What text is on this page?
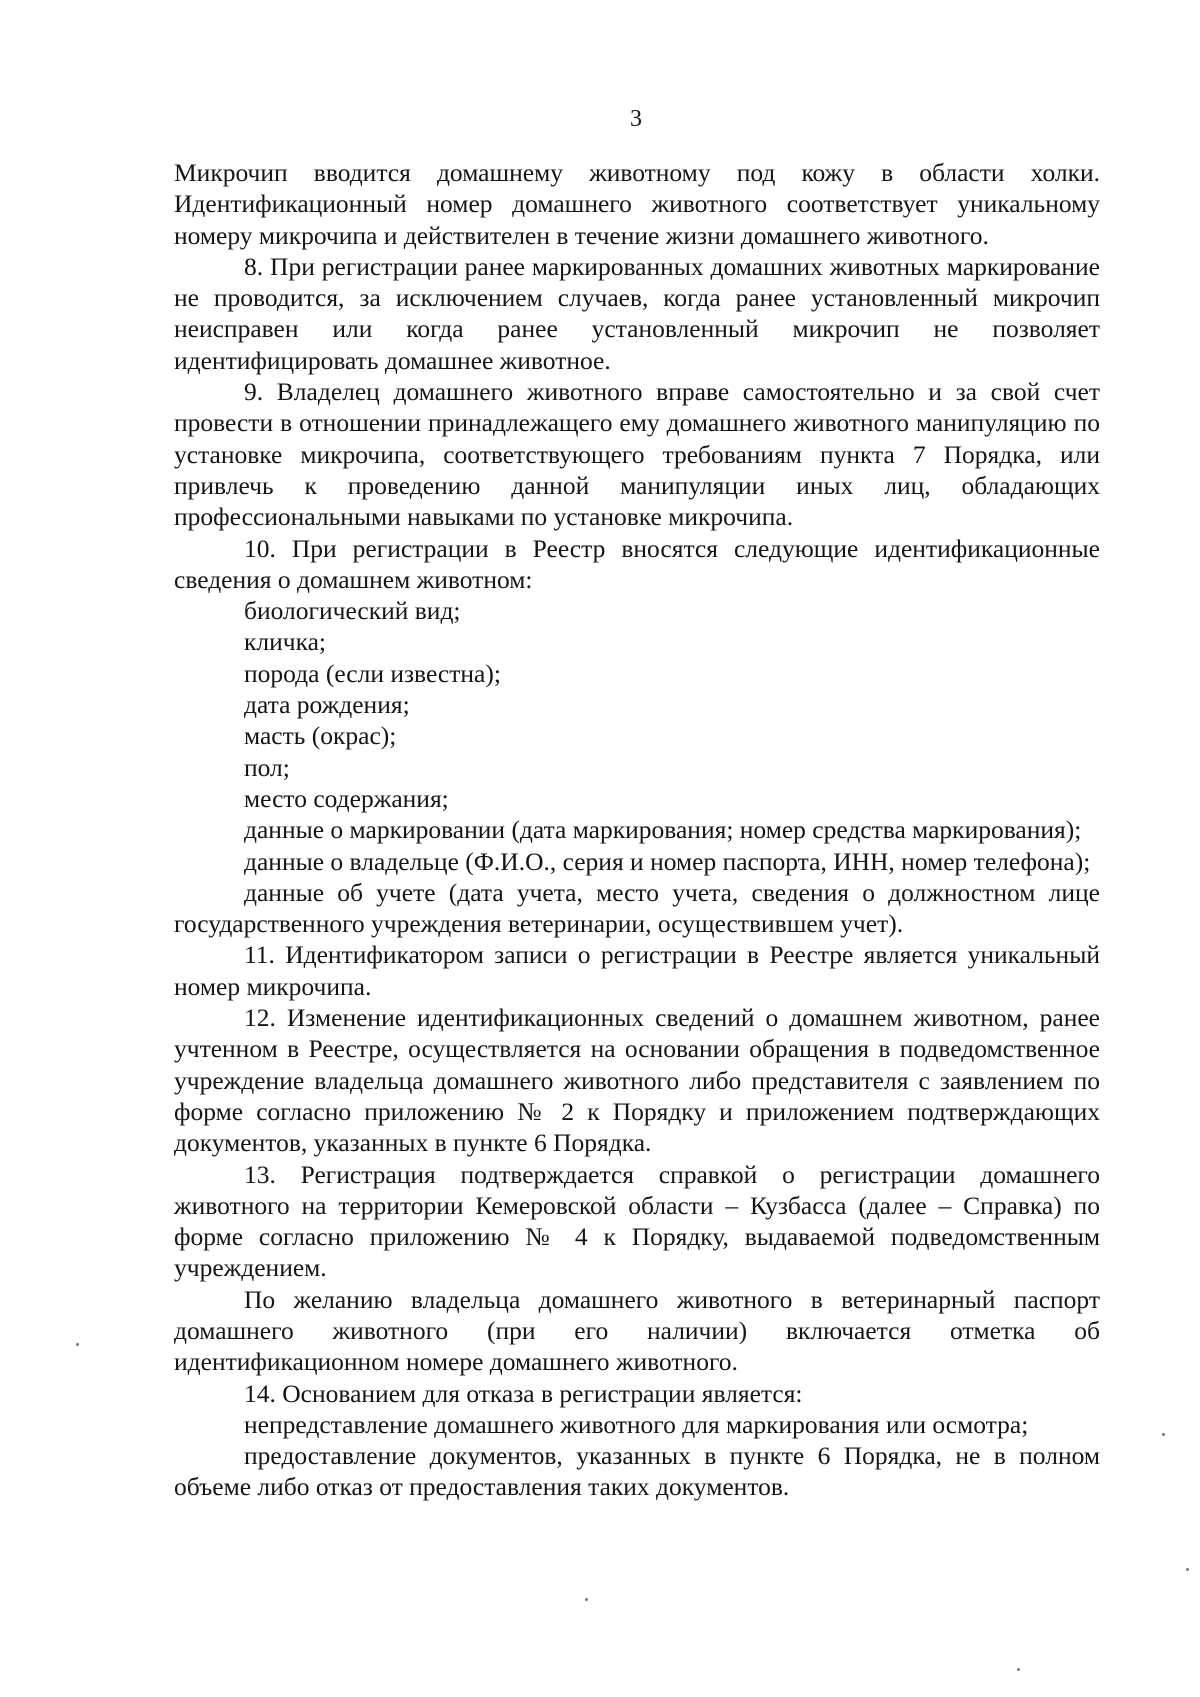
3

Микрочип вводится домашнему животному под кожу в области холки. Идентификационный номер домашнего животного соответствует уникальному номеру микрочипа и действителен в течение жизни домашнего животного.

8. При регистрации ранее маркированных домашних животных маркирование не проводится, за исключением случаев, когда ранее установленный микрочип неисправен или когда ранее установленный микрочип не позволяет идентифицировать домашнее животное.

9. Владелец домашнего животного вправе самостоятельно и за свой счет провести в отношении принадлежащего ему домашнего животного манипуляцию по установке микрочипа, соответствующего требованиям пункта 7 Порядка, или привлечь к проведению данной манипуляции иных лиц, обладающих профессиональными навыками по установке микрочипа.

10. При регистрации в Реестр вносятся следующие идентификационные сведения о домашнем животном:

биологический вид;

кличка;

порода (если известна);

дата рождения;

масть (окрас);

пол;

место содержания;

данные о маркировании (дата маркирования; номер средства маркирования);

данные о владельце (Ф.И.О., серия и номер паспорта, ИНН, номер телефона);

данные об учете (дата учета, место учета, сведения о должностном лице государственного учреждения ветеринарии, осуществившем учет).

11. Идентификатором записи о регистрации в Реестре является уникальный номер микрочипа.

12. Изменение идентификационных сведений о домашнем животном, ранее учтенном в Реестре, осуществляется на основании обращения в подведомственное учреждение владельца домашнего животного либо представителя с заявлением по форме согласно приложению № 2 к Порядку и приложением подтверждающих документов, указанных в пункте 6 Порядка.

13. Регистрация подтверждается справкой о регистрации домашнего животного на территории Кемеровской области – Кузбасса (далее – Справка) по форме согласно приложению № 4 к Порядку, выдаваемой подведомственным учреждением.

По желанию владельца домашнего животного в ветеринарный паспорт домашнего животного (при его наличии) включается отметка об идентификационном номере домашнего животного.

14. Основанием для отказа в регистрации является:

непредставление домашнего животного для маркирования или осмотра;

предоставление документов, указанных в пункте 6 Порядка, не в полном объеме либо отказ от предоставления таких документов.
